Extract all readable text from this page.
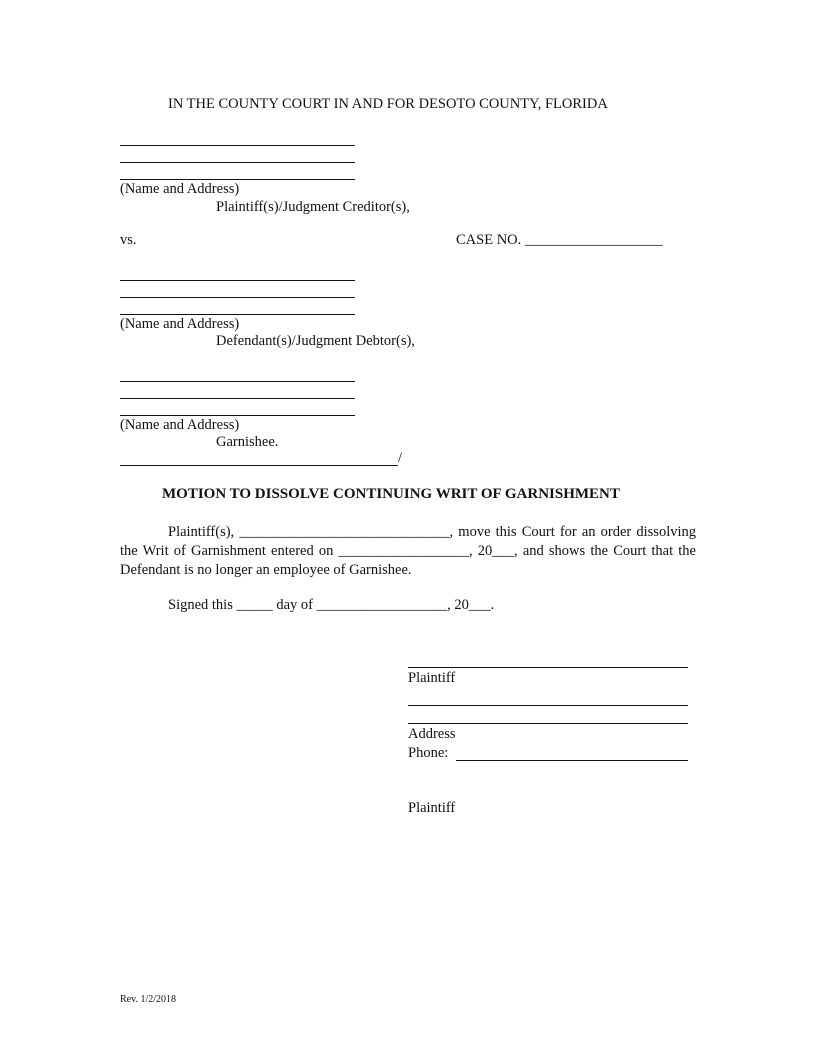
IN THE COUNTY COURT IN AND FOR DESOTO COUNTY, FLORIDA
(Name and Address)
Plaintiff(s)/Judgment Creditor(s),
vs.	CASE NO. ___________________
(Name and Address)
Defendant(s)/Judgment Debtor(s),
(Name and Address)
Garnishee.
/
MOTION TO DISSOLVE CONTINUING WRIT OF GARNISHMENT
Plaintiff(s), _____________________________, move this Court for an order dissolving the Writ of Garnishment entered on __________________, 20___, and shows the Court that the Defendant is no longer an employee of Garnishee.
Signed this _____ day of __________________, 20___.
Plaintiff
Address
Phone:
Plaintiff
Rev. 1/2/2018
